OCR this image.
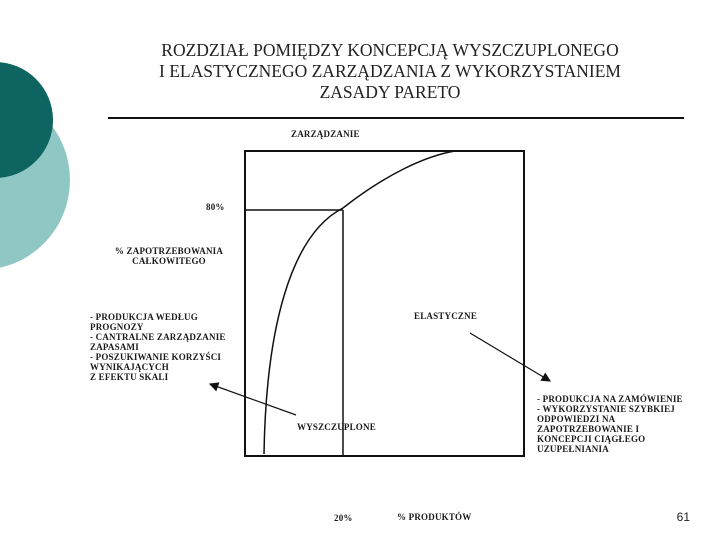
ROZDZIAŁ POMIĘDZY KONCEPCJĄ WYSZCZUPLONEGO
I ELASTYCZNEGO ZARZĄDZANIA Z WYKORZYSTANIEM
ZASADY PARETO
ZARZĄDZANIE
80%
% ZAPOTRZEBOWANIA
CAŁKOWITEGO
- PRODUKCJA WEDŁUG
PROGNOZY
- CANTRALNE ZARZĄDZANIE
ZAPASAMI
- POSZUKIWANIE KORZYŚCI
WYNIKAJĄCYCH
Z EFEKTU SKALI
ELASTYCZNE
WYSZCZUPLONE
- PRODUKCJA NA ZAMÓWIENIE
- WYKORZYSTANIE SZYBKIEJ
ODPOWIEDZI NA
ZAPOTRZEBOWANIE I
KONCEPCJI CIĄGŁEGO
UZUPEŁNIANIA
20%	% PRODUKTÓW	61
